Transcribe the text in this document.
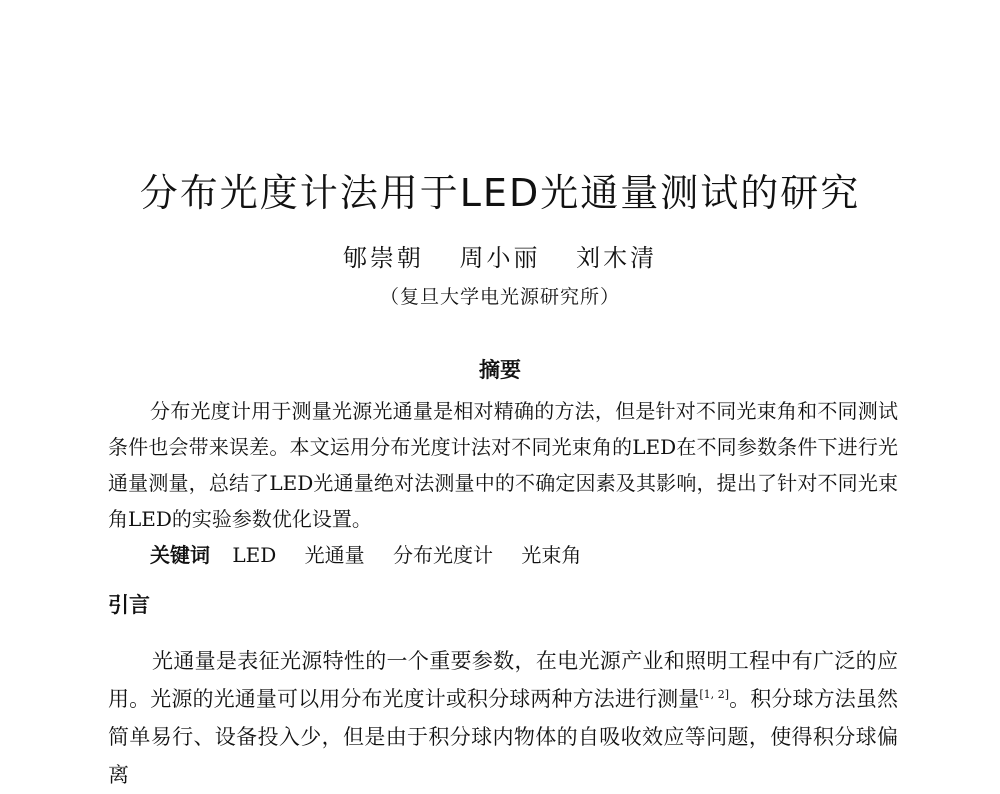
分布光度计法用于LED光通量测试的研究
郇崇朝 周小丽 刘木清
（复旦大学电光源研究所）
摘要

分布光度计用于测量光源光通量是相对精确的方法，但是针对不同光束角和不同测试条件也会带来误差。本文运用分布光度计法对不同光束角的LED在不同参数条件下进行光通量测量，总结了LED光通量绝对法测量中的不确定因素及其影响，提出了针对不同光束角LED的实验参数优化设置。

关键词 LED 光通量 分布光度计 光束角
引言

光通量是表征光源特性的一个重要参数，在电光源产业和照明工程中有广泛的应用。光源的光通量可以用分布光度计或积分球两种方法进行测量[1, 2]。积分球方法虽然简单易行、设备投入少，但是由于积分球内物体的自吸收效应等问题，使得积分球偏离
